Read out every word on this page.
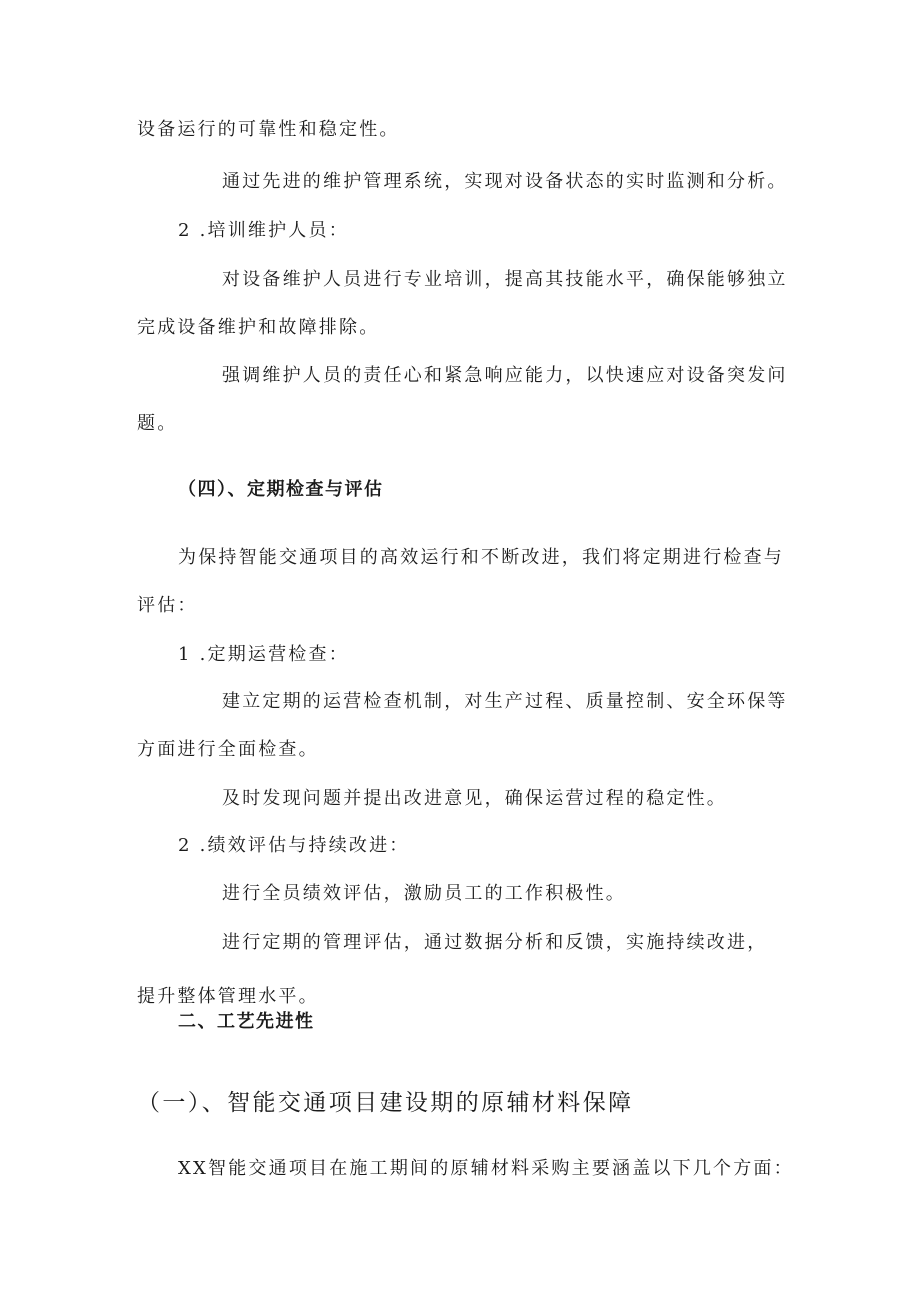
设备运行的可靠性和稳定性。
通过先进的维护管理系统，实现对设备状态的实时监测和分析。
2 .培训维护人员：
对设备维护人员进行专业培训，提高其技能水平，确保能够独立
完成设备维护和故障排除。
强调维护人员的责任心和紧急响应能力，以快速应对设备突发问
题。
（四）、定期检查与评估
为保持智能交通项目的高效运行和不断改进，我们将定期进行检查与
评估：
1 .定期运营检查：
建立定期的运营检查机制，对生产过程、质量控制、安全环保等
方面进行全面检查。
及时发现问题并提出改进意见，确保运营过程的稳定性。
2 .绩效评估与持续改进：
进行全员绩效评估，激励员工的工作积极性。
进行定期的管理评估，通过数据分析和反馈，实施持续改进，
提升整体管理水平。
二、工艺先进性
（一）、智能交通项目建设期的原辅材料保障
XX智能交通项目在施工期间的原辅材料采购主要涵盖以下几个方面：
